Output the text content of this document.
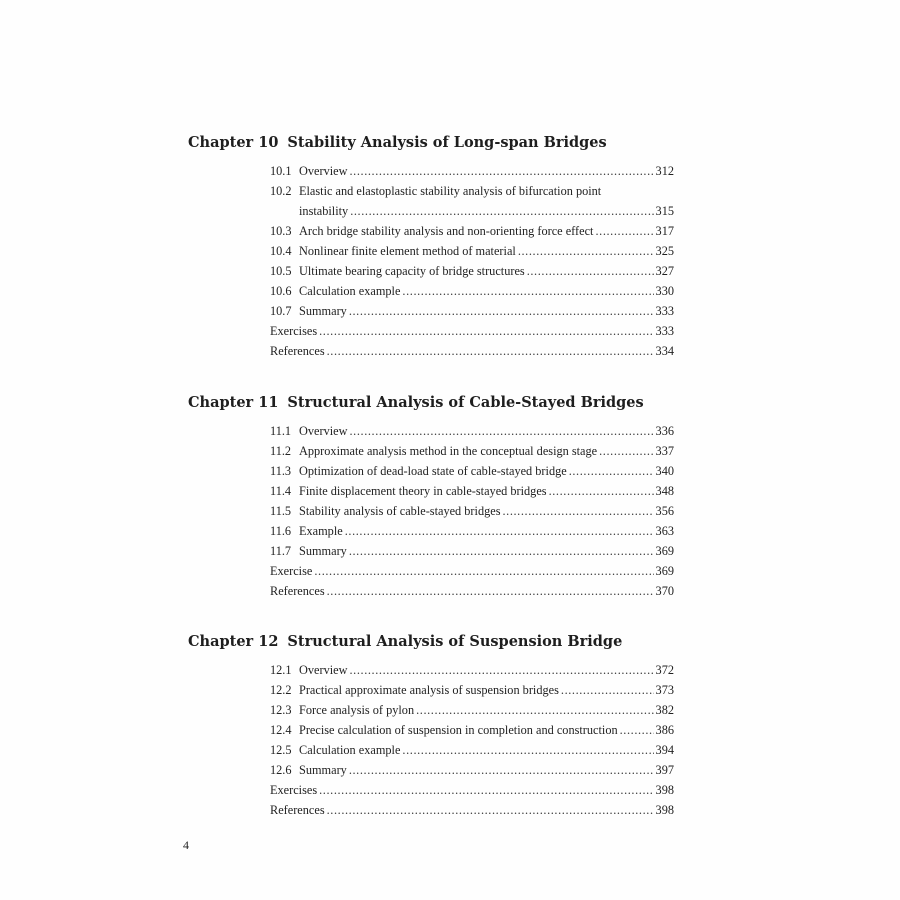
Chapter 10 Stability Analysis of Long-span Bridges
10.1 Overview .....	312
10.2 Elastic and elastoplastic stability analysis of bifurcation point
instability .....	315
10.3 Arch bridge stability analysis and non-orienting force effect .....	317
10.4 Nonlinear finite element method of material .....	325
10.5 Ultimate bearing capacity of bridge structures .....	327
10.6 Calculation example .....	330
10.7 Summary .....	333
Exercises .....	333
References .....	334
Chapter 11 Structural Analysis of Cable-Stayed Bridges
11.1 Overview .....	336
11.2 Approximate analysis method in the conceptual design stage .....	337
11.3 Optimization of dead-load state of cable-stayed bridge .....	340
11.4 Finite displacement theory in cable-stayed bridges .....	348
11.5 Stability analysis of cable-stayed bridges .....	356
11.6 Example .....	363
11.7 Summary .....	369
Exercise .....	369
References .....	370
Chapter 12 Structural Analysis of Suspension Bridge
12.1 Overview .....	372
12.2 Practical approximate analysis of suspension bridges .....	373
12.3 Force analysis of pylon .....	382
12.4 Precise calculation of suspension in completion and construction .....	386
12.5 Calculation example .....	394
12.6 Summary .....	397
Exercises .....	398
References .....	398
4
